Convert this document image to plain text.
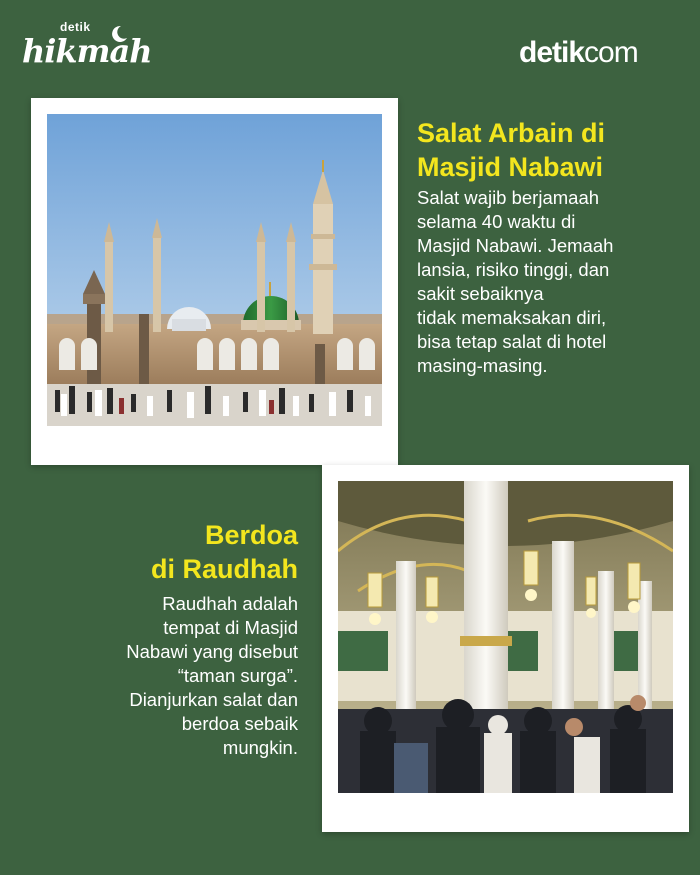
detik
hikmah	detikcom
Salat Arbain di
Masjid Nabawi
Salat wajib berjamaah
selama 40 waktu di
Masjid Nabawi. Jemaah
lansia, risiko tinggi, dan
sakit sebaiknya
tidak memaksakan diri,
bisa tetap salat di hotel
masing-masing.
Berdoa
di Raudhah
Raudhah adalah
tempat di Masjid
Nabawi yang disebut
“taman surga”.
Dianjurkan salat dan
berdoa sebaik
mungkin.
